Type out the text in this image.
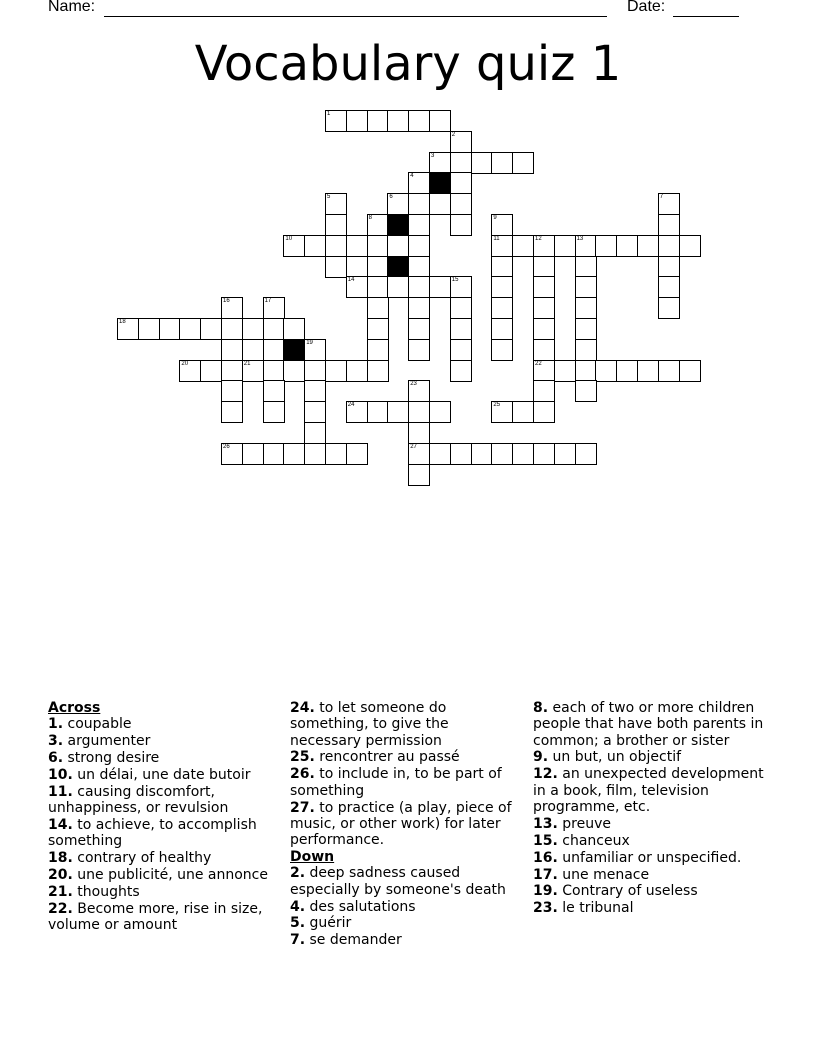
Name:	Date:
Vocabulary quiz 1
1
2
3
4
5	6	7
8	9
10	11	12	13
14	15
16	17
18
19
20	21	22
23
24	25
26	27
Across
1. coupable
3. argumenter
6. strong desire
10. un délai, une date butoir
11. causing discomfort, unhappiness, or revulsion
14. to achieve, to accomplish something
18. contrary of healthy
20. une publicité, une annonce
21. thoughts
22. Become more, rise in size, volume or amount
24. to let someone do something, to give the necessary permission
25. rencontrer au passé
26. to include in, to be part of something
27. to practice (a play, piece of music, or other work) for later performance.
Down
2. deep sadness caused especially by someone's death
4. des salutations
5. guérir
7. se demander
8. each of two or more children people that have both parents in common; a brother or sister
9. un but, un objectif
12. an unexpected development in a book, film, television programme, etc.
13. preuve
15. chanceux
16. unfamiliar or unspecified.
17. une menace
19. Contrary of useless
23. le tribunal
